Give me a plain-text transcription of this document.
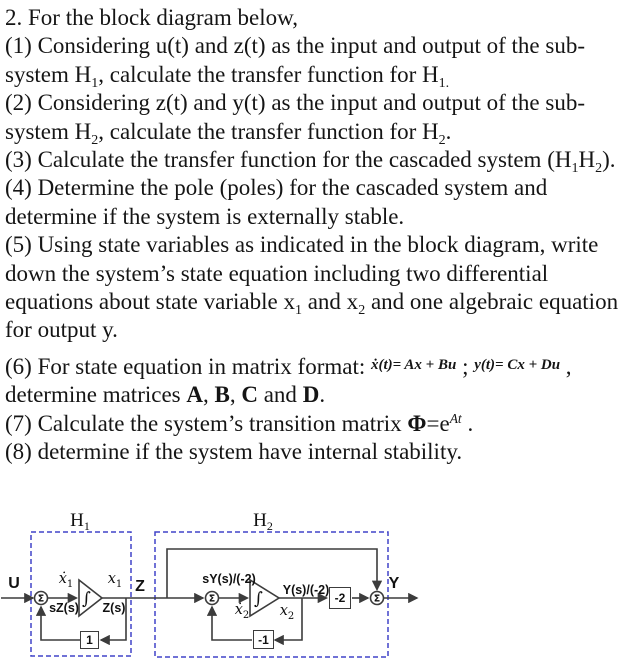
2. For the block diagram below,
(1) Considering u(t) and z(t) as the input and output of the sub-
system $H_1$, calculate the transfer function for $H_{1.}$
(2) Considering z(t) and y(t) as the input and output of the sub-
system $H_2$, calculate the transfer function for $H_2$.
(3) Calculate the transfer function for the cascaded system $(H_1H_2)$.
(4) Determine the pole (poles) for the cascaded system and
determine if the system is externally stable.
(5) Using state variables as indicated in the block diagram, write
down the system’s state equation including two differential
equations about state variable $x_1$ and $x_2$ and one algebraic equation
for output y.
(6) For state equation in matrix format: $^{ẋ(t)= Ax + Bu}$ ; $^{y(t)= Cx + Du}$ ,
determine matrices A, B, C and D.
(7) Calculate the system’s transition matrix $\Phi=e^{At}$ .
(8) determine if the system have internal stability.
Σ	Σ	Σ
∫	∫
1	-1
-2
$H_1$	$H_2$
U	Z	Y
ẋ$_1$
sZ(s)
$x_1$
Z(s)
sY(s)/(-2)
ẋ$_2$
Y(s)/(-2)
$x_2$
